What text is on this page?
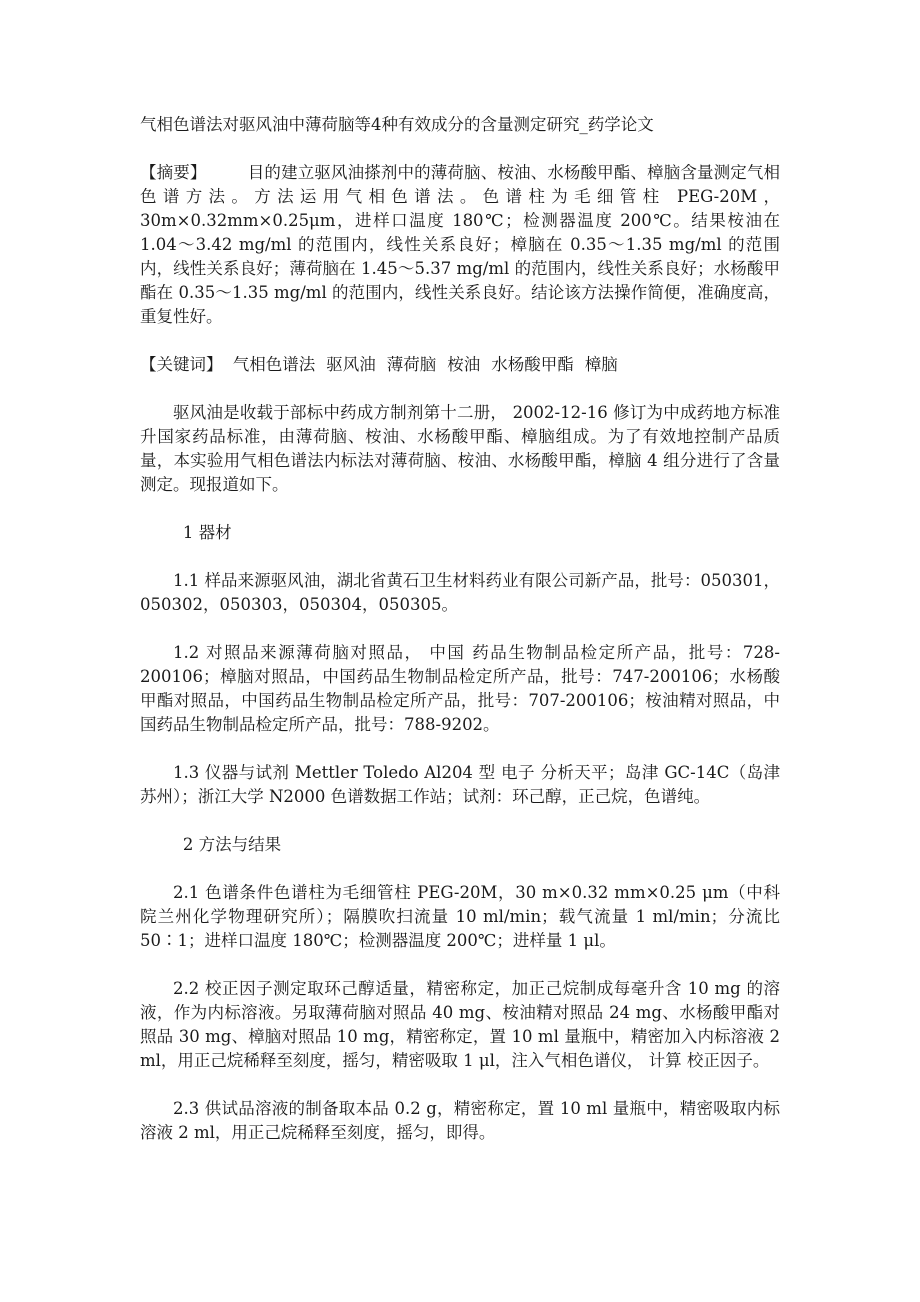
气相色谱法对驱风油中薄荷脑等4种有效成分的含量测定研究_药学论文

【摘要】	目的建立驱风油搽剂中的薄荷脑、桉油、水杨酸甲酯、樟脑含量测定气相色谱方法。方法运用气相色谱法。色谱柱为毛细管柱 PEG-20M，30m×0.32mm×0.25μm，进样口温度 180℃；检测器温度 200℃。结果桉油在 1.04～3.42 mg/ml 的范围内，线性关系良好；樟脑在 0.35～1.35 mg/ml 的范围内，线性关系良好；薄荷脑在 1.45～5.37 mg/ml 的范围内，线性关系良好；水杨酸甲酯在 0.35～1.35 mg/ml 的范围内，线性关系良好。结论该方法操作简便，准确度高，重复性好。

【关键词】 气相色谱法 驱风油 薄荷脑 桉油 水杨酸甲酯 樟脑

驱风油是收载于部标中药成方制剂第十二册， 2002-12-16 修订为中成药地方标准升国家药品标准，由薄荷脑、桉油、水杨酸甲酯、樟脑组成。为了有效地控制产品质量，本实验用气相色谱法内标法对薄荷脑、桉油、水杨酸甲酯，樟脑 4 组分进行了含量测定。现报道如下。

1 器材

1.1 样品来源驱风油，湖北省黄石卫生材料药业有限公司新产品，批号：050301，050302，050303，050304，050305。

1.2 对照品来源薄荷脑对照品， 中国 药品生物制品检定所产品，批号：728-200106；樟脑对照品，中国药品生物制品检定所产品，批号：747-200106；水杨酸甲酯对照品，中国药品生物制品检定所产品，批号：707-200106；桉油精对照品，中国药品生物制品检定所产品，批号：788-9202。

1.3 仪器与试剂 Mettler Toledo Al204 型 电子 分析天平；岛津 GC-14C（岛津苏州）；浙江大学 N2000 色谱数据工作站；试剂：环己醇，正己烷，色谱纯。

2 方法与结果

2.1 色谱条件色谱柱为毛细管柱 PEG-20M，30 m×0.32 mm×0.25 μm（中科院兰州化学物理研究所）；隔膜吹扫流量 10 ml/min；载气流量 1 ml/min；分流比 50∶1；进样口温度 180℃；检测器温度 200℃；进样量 1 μl。

2.2 校正因子测定取环己醇适量，精密称定，加正己烷制成每毫升含 10 mg 的溶液，作为内标溶液。另取薄荷脑对照品 40 mg、桉油精对照品 24 mg、水杨酸甲酯对照品 30 mg、樟脑对照品 10 mg，精密称定，置 10 ml 量瓶中，精密加入内标溶液 2 ml，用正己烷稀释至刻度，摇匀，精密吸取 1 μl，注入气相色谱仪， 计算 校正因子。

2.3 供试品溶液的制备取本品 0.2 g，精密称定，置 10 ml 量瓶中，精密吸取内标溶液 2 ml，用正己烷稀释至刻度，摇匀，即得。
